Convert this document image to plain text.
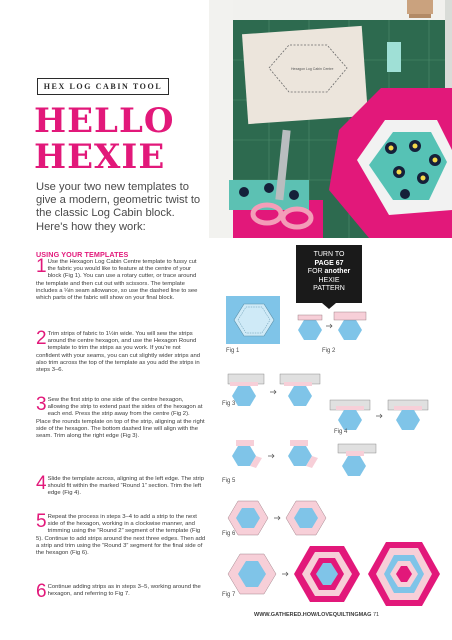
Hexagon Log Cabin Centre
HEX LOG CABIN TOOL
HELLO
HEXIE
Use your two new templates to give a modern, geometric twist to the classic Log Cabin block. Here's how they work:
USING YOUR TEMPLATES
1 Use the Hexagon Log Cabin Centre template to fussy cut the fabric you would like to feature at the centre of your block (Fig 1). You can use a rotary cutter, or trace around the template and then cut out with scissors. The template includes a ¼in seam allowance, so use the dashed line to see which parts of the fabric will show on your final block.
2 Trim strips of fabric to 1½in wide. You will sew the strips around the centre hexagon, and use the Hexagon Round template to trim the strips as you work. If you're not confident with your seams, you can cut slightly wider strips and also trim across the top of the template as you add the strips in steps 3–6.
3 Sew the first strip to one side of the centre hexagon, allowing the strip to extend past the sides of the hexagon at each end. Press the strip away from the centre (Fig 2). Place the rounds template on top of the strip, aligning at the right side of the hexagon. The bottom dashed line will align with the seam. Trim along the right edge (Fig 3).
4 Slide the template across, aligning at the left edge. The strip should fit within the marked “Round 1” section. Trim the left edge (Fig 4).
5 Repeat the process in steps 3–4 to add a strip to the next side of the hexagon, working in a clockwise manner, and trimming using the “Round 2” segment of the template (Fig 5). Continue to add strips around the next three edges. Then add a strip and trim using the “Round 3” segment for the final side of the hexagon (Fig 6).
6 Continue adding strips as in steps 3–5, working around the hexagon, and referring to Fig 7.
TURN TO
PAGE 67
FOR another
HEXIE
PATTERN
Fig 1	Fig 2
Fig 3
Fig 4
Fig 5
Fig 6
Fig 7
WWW.GATHERED.HOW/LOVEQUILTINGMAG 71
